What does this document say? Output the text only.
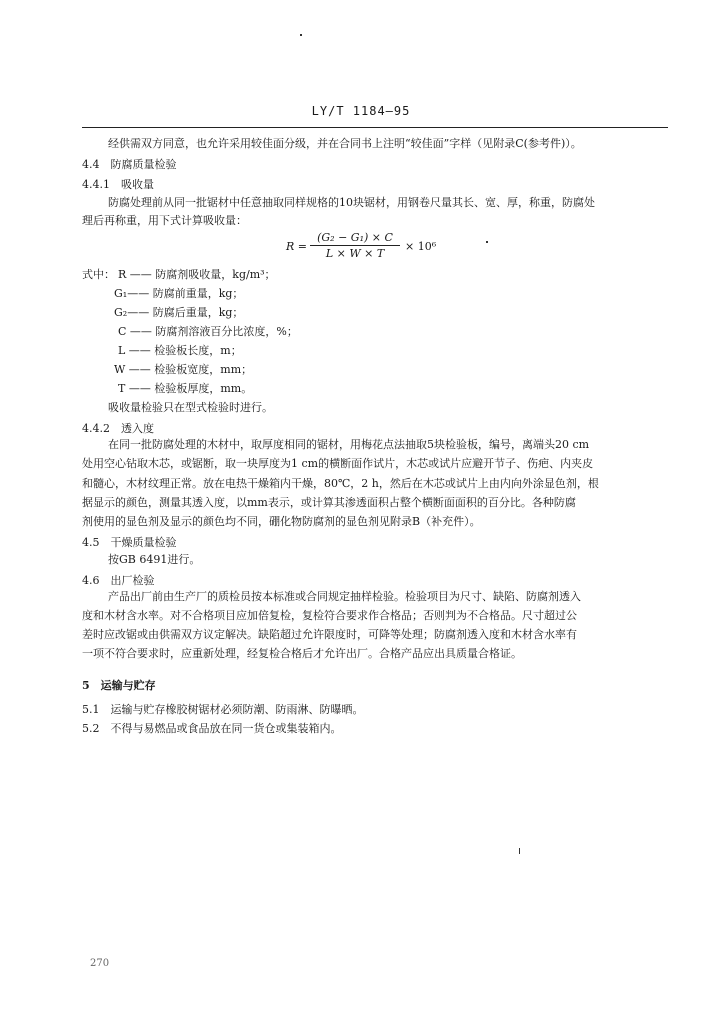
LY/T 1184—95
经供需双方同意，也允许采用较佳面分级，并在合同书上注明“较佳面”字样（见附录C(参考件)）。
4.4　防腐质量检验
4.4.1　吸收量
防腐处理前从同一批锯材中任意抽取同样规格的10块锯材，用钢卷尺量其长、宽、厚，称重，防腐处
理后再称重，用下式计算吸收量：
R =
(G₂ − G₁) × C
L × W × T
× 10⁶
式中： R —— 防腐剂吸收量，kg/m³；
G₁—— 防腐前重量，kg；
G₂—— 防腐后重量，kg；
C —— 防腐剂溶液百分比浓度，%；
L —— 检验板长度，m；
W —— 检验板宽度，mm；
T —— 检验板厚度，mm。
吸收量检验只在型式检验时进行。
4.4.2　透入度
在同一批防腐处理的木材中，取厚度相同的锯材，用梅花点法抽取5块检验板，编号，离端头20 cm
处用空心钻取木芯，或锯断，取一块厚度为1 cm的横断面作试片，木芯或试片应避开节子、伤疤、内夹皮
和髓心，木材纹理正常。放在电热干燥箱内干燥，80℃，2 h，然后在木芯或试片上由内向外涂显色剂，根
据显示的颜色，测量其透入度，以mm表示，或计算其渗透面积占整个横断面面积的百分比。各种防腐
剂使用的显色剂及显示的颜色均不同，硼化物防腐剂的显色剂见附录B（补充件）。
4.5　干燥质量检验
按GB 6491进行。
4.6　出厂检验
产品出厂前由生产厂的质检员按本标准或合同规定抽样检验。检验项目为尺寸、缺陷、防腐剂透入
度和木材含水率。对不合格项目应加倍复检，复检符合要求作合格品；否则判为不合格品。尺寸超过公
差时应改锯或由供需双方议定解决。缺陷超过允许限度时，可降等处理；防腐剂透入度和木材含水率有
一项不符合要求时，应重新处理，经复检合格后才允许出厂。合格产品应出具质量合格证。
5　运输与贮存
5.1　运输与贮存橡胶树锯材必须防潮、防雨淋、防曝晒。
5.2　不得与易燃品或食品放在同一货仓或集装箱内。
270
